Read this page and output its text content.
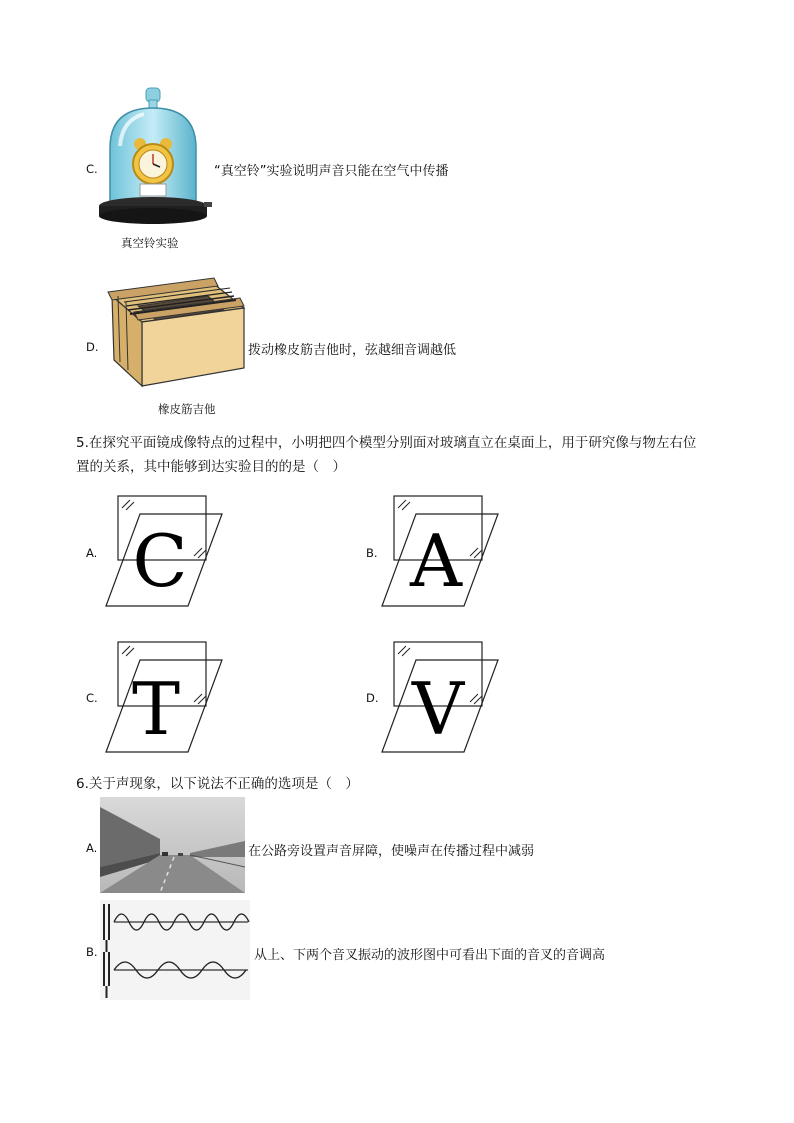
C.	“真空铃”实验说明声音只能在空气中传播
真空铃实验
D.	拨动橡皮筋吉他时，弦越细音调越低
橡皮筋吉他
5.在探究平面镜成像特点的过程中，小明把四个模型分别面对玻璃直立在桌面上，用于研究像与物左右位
置的关系，其中能够到达实验目的的是（　）
A. C	B. A
C. T	D. V
6.关于声现象，以下说法不正确的选项是（　）
A.	在公路旁设置声音屏障，使噪声在传播过程中减弱
B.	从上、下两个音叉振动的波形图中可看出下面的音叉的音调高
